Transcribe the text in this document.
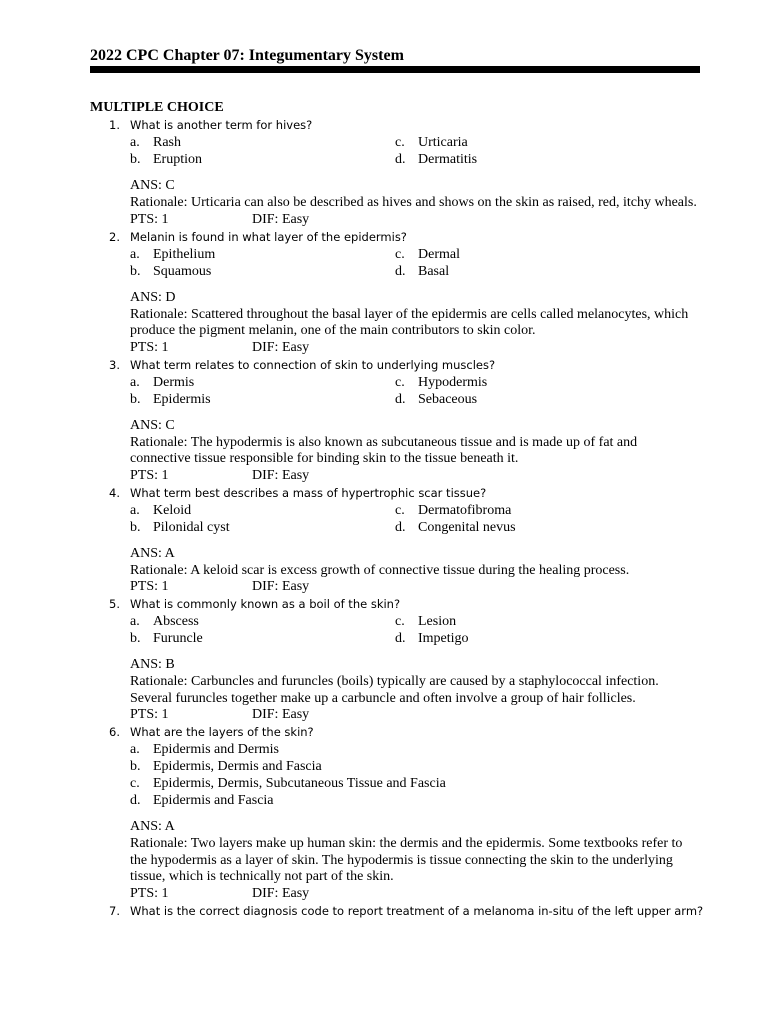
2022 CPC Chapter 07: Integumentary System
MULTIPLE CHOICE
1. What is another term for hives?
a. Rash	c. Urticaria
b. Eruption	d. Dermatitis
ANS: C
Rationale: Urticaria can also be described as hives and shows on the skin as raised, red, itchy wheals.
PTS: 1	DIF: Easy
2. Melanin is found in what layer of the epidermis?
a. Epithelium	c. Dermal
b. Squamous	d. Basal
ANS: D
Rationale: Scattered throughout the basal layer of the epidermis are cells called melanocytes, which produce the pigment melanin, one of the main contributors to skin color.
PTS: 1	DIF: Easy
3. What term relates to connection of skin to underlying muscles?
a. Dermis	c. Hypodermis
b. Epidermis	d. Sebaceous
ANS: C
Rationale: The hypodermis is also known as subcutaneous tissue and is made up of fat and connective tissue responsible for binding skin to the tissue beneath it.
PTS: 1	DIF: Easy
4. What term best describes a mass of hypertrophic scar tissue?
a. Keloid	c. Dermatofibroma
b. Pilonidal cyst	d. Congenital nevus
ANS: A
Rationale: A keloid scar is excess growth of connective tissue during the healing process.
PTS: 1	DIF: Easy
5. What is commonly known as a boil of the skin?
a. Abscess	c. Lesion
b. Furuncle	d. Impetigo
ANS: B
Rationale: Carbuncles and furuncles (boils) typically are caused by a staphylococcal infection. Several furuncles together make up a carbuncle and often involve a group of hair follicles.
PTS: 1	DIF: Easy
6. What are the layers of the skin?
a. Epidermis and Dermis
b. Epidermis, Dermis and Fascia
c. Epidermis, Dermis, Subcutaneous Tissue and Fascia
d. Epidermis and Fascia
ANS: A
Rationale: Two layers make up human skin: the dermis and the epidermis. Some textbooks refer to the hypodermis as a layer of skin. The hypodermis is tissue connecting the skin to the underlying tissue, which is technically not part of the skin.
PTS: 1	DIF: Easy
7. What is the correct diagnosis code to report treatment of a melanoma in-situ of the left upper arm?
